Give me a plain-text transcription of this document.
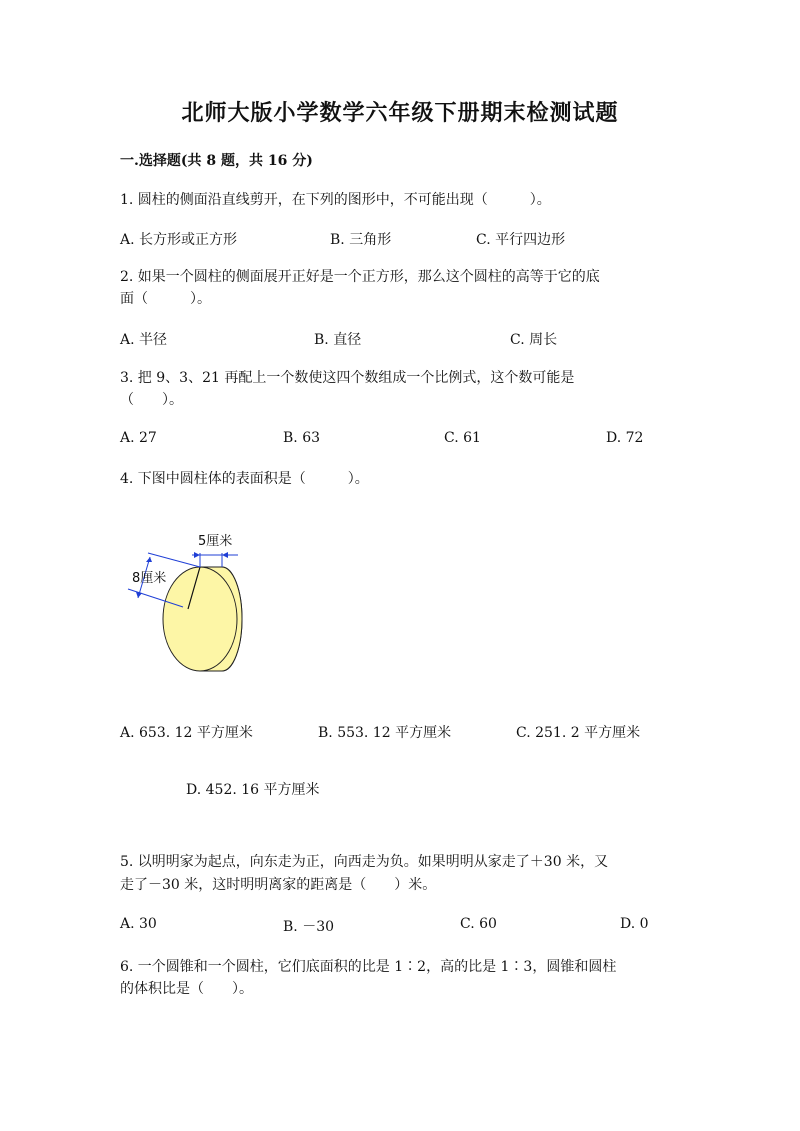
北师大版小学数学六年级下册期末检测试题
一.选择题(共 8 题，共 16 分)
1. 圆柱的侧面沿直线剪开，在下列的图形中，不可能出现（　　　）。
A. 长方形或正方形	B. 三角形	C. 平行四边形
2. 如果一个圆柱的侧面展开正好是一个正方形，那么这个圆柱的高等于它的底
面（　　　）。
A. 半径	B. 直径	C. 周长
3. 把 9、3、21 再配上一个数使这四个数组成一个比例式，这个数可能是
（　　）。
A. 27	B. 63	C. 61	D. 72
4. 下图中圆柱体的表面积是（　　　）。
5厘米
8厘米
A. 653. 12 平方厘米	B. 553. 12 平方厘米	C. 251. 2 平方厘米
D. 452. 16 平方厘米
5. 以明明家为起点，向东走为正，向西走为负。如果明明从家走了＋30 米，又
走了－30 米，这时明明离家的距离是（　　）米。
A. 30	B. －30	C. 60	D. 0
6. 一个圆锥和一个圆柱，它们底面积的比是 1∶2，高的比是 1∶3，圆锥和圆柱
的体积比是（　　）。
